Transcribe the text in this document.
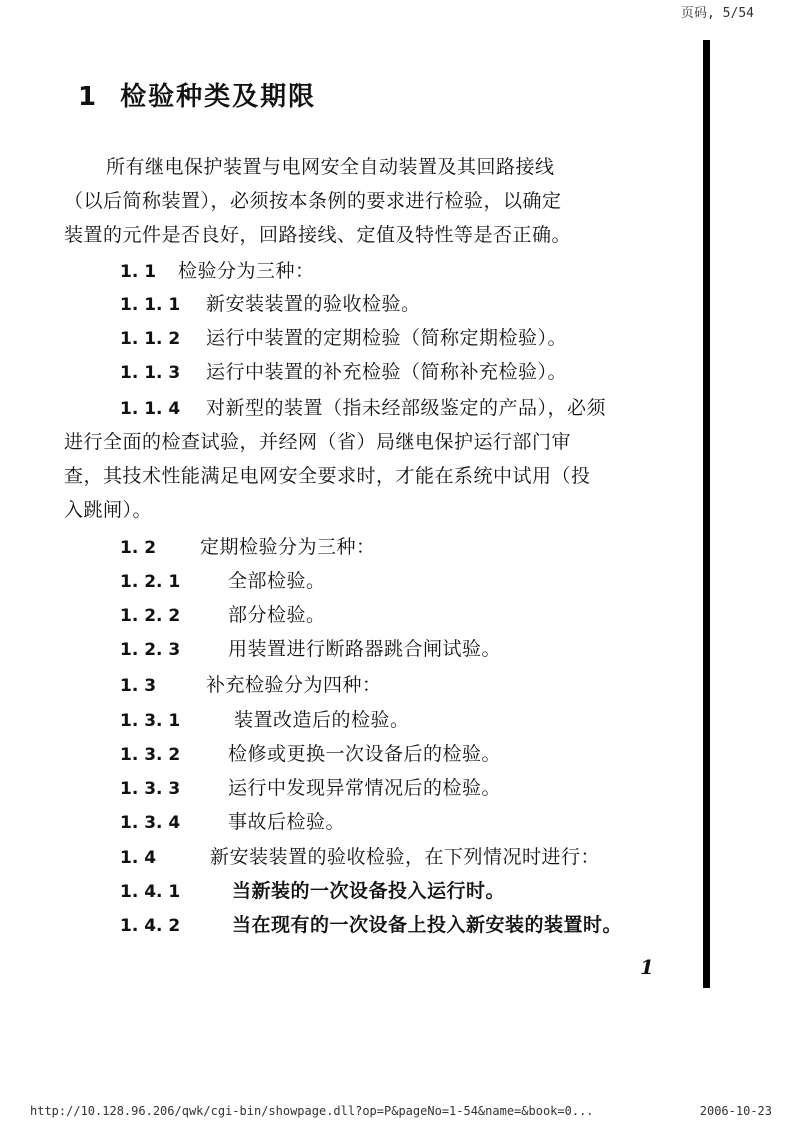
页码, 5/54
1 检验种类及期限
所有继电保护装置与电网安全自动装置及其回路接线
（以后简称装置），必须按本条例的要求进行检验，以确定
装置的元件是否良好，回路接线、定值及特性等是否正确。
1. 1 检验分为三种：
1. 1. 1 新安装装置的验收检验。
1. 1. 2 运行中装置的定期检验（简称定期检验）。
1. 1. 3 运行中装置的补充检验（简称补充检验）。
1. 1. 4 对新型的装置（指未经部级鉴定的产品），必须
进行全面的检查试验，并经网（省）局继电保护运行部门审
查，其技术性能满足电网安全要求时，才能在系统中试用（投
入跳闸）。
1. 2 定期检验分为三种：
1. 2. 1	全部检验。
1. 2. 2	部分检验。
1. 2. 3	用装置进行断路器跳合闸试验。
1. 3	补充检验分为四种：
1. 3. 1	装置改造后的检验。
1. 3. 2	检修或更换一次设备后的检验。
1. 3. 3	运行中发现异常情况后的检验。
1. 3. 4	事故后检验。
1. 4	新安装装置的验收检验，在下列情况时进行：
1. 4. 1	当新装的一次设备投入运行时。
1. 4. 2	当在现有的一次设备上投入新安装的装置时。
1
http://10.128.96.206/qwk/cgi-bin/showpage.dll?op=P&pageNo=1-54&name=&book=0...	2006-10-23
